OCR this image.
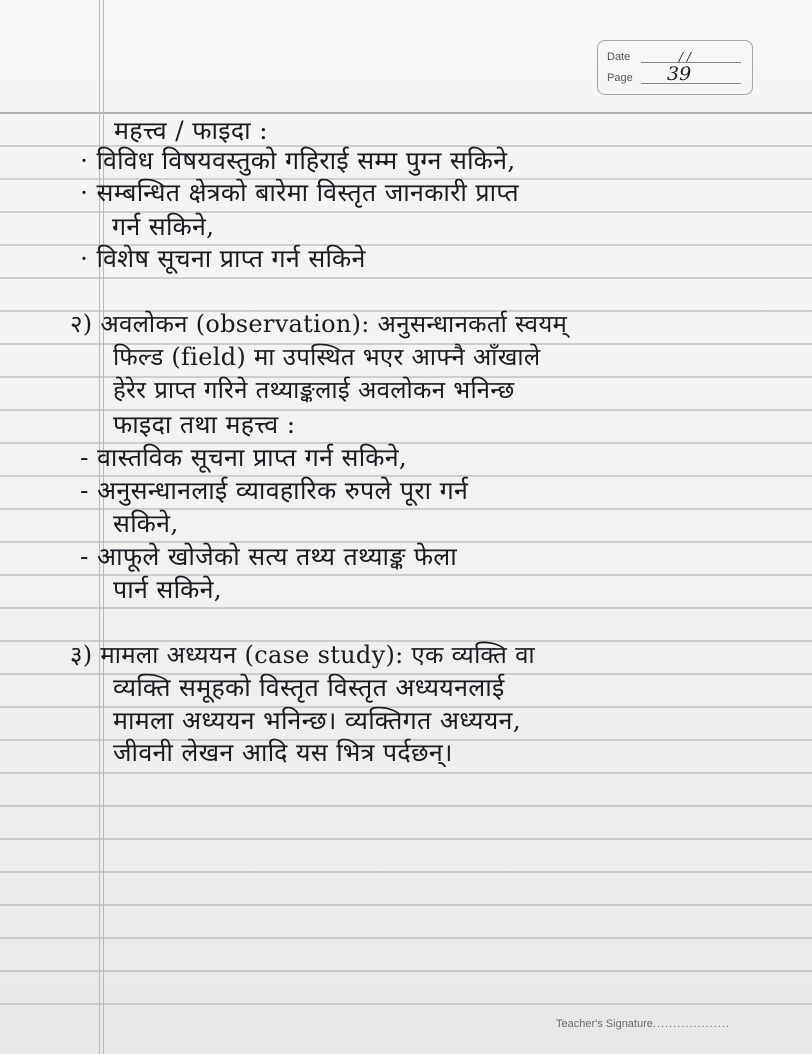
Date	/ /
Page	39
महत्त्व / फाइदा :
· विविध विषयवस्तुको गहिराई सम्म पुग्न सकिने,
· सम्बन्धित क्षेत्रको बारेमा विस्तृत जानकारी प्राप्त
गर्न सकिने,
· विशेष सूचना प्राप्त गर्न सकिने
२) अवलोकन (observation): अनुसन्धानकर्ता स्वयम्
फिल्ड (field) मा उपस्थित भएर आफ्नै आँखाले
हेरेर प्राप्त गरिने तथ्याङ्कलाई अवलोकन भनिन्छ
फाइदा तथा महत्त्व :
- वास्तविक सूचना प्राप्त गर्न सकिने,
- अनुसन्धानलाई व्यावहारिक रुपले पूरा गर्न
सकिने,
- आफूले खोजेको सत्य तथ्य तथ्याङ्क फेला
पार्न सकिने,
३) मामला अध्ययन (case study): एक व्यक्ति वा
व्यक्ति समूहको विस्तृत विस्तृत अध्ययनलाई
मामला अध्ययन भनिन्छ। व्यक्तिगत अध्ययन,
जीवनी लेखन आदि यस भित्र पर्दछन्।
Teacher's Signature...................
